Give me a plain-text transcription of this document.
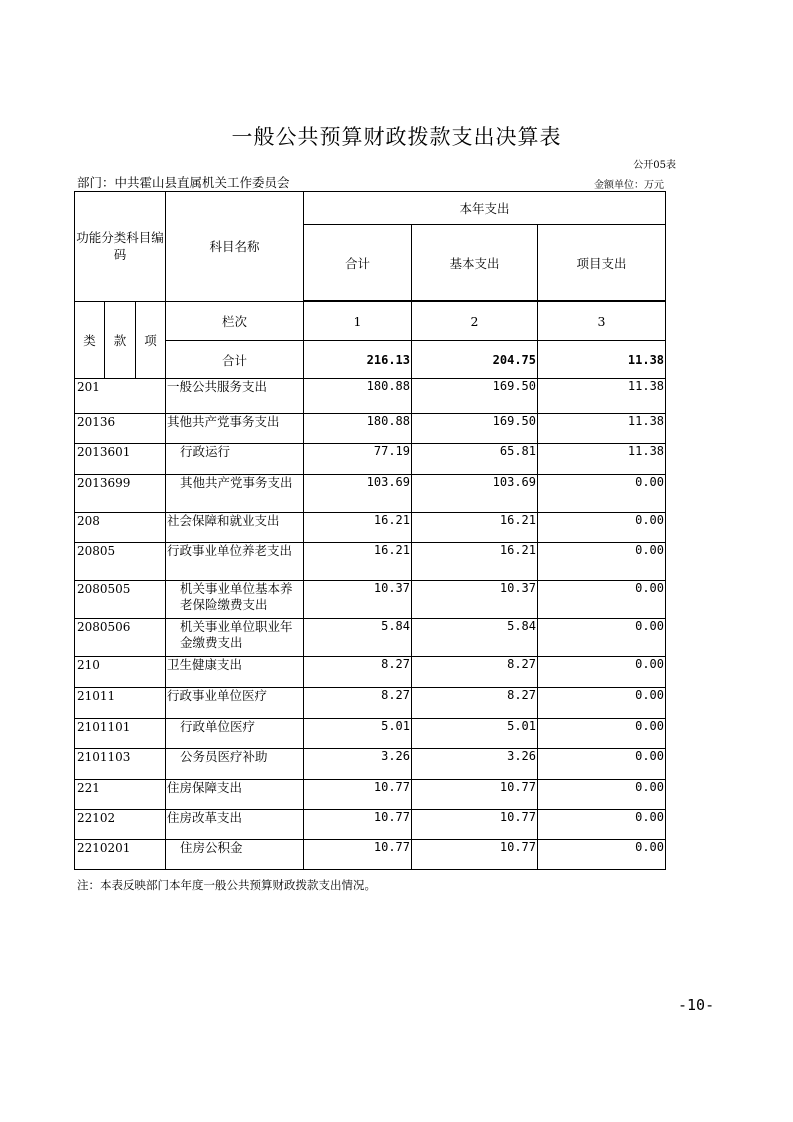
一般公共预算财政拨款支出决算表
公开05表
部门：中共霍山县直属机关工作委员会	金额单位：万元
功能分类科目编码			科目名称	本年支出		
				合计	基本支出	项目支出

类	款	项	栏次	1	2	3
			合计	216.13	204.75	11.38
201			一般公共服务支出	180.88	169.50	11.38
20136			其他共产党事务支出	180.88	169.50	11.38
2013601			行政运行	77.19	65.81	11.38
2013699			其他共产党事务支出	103.69	103.69	0.00
208			社会保障和就业支出	16.21	16.21	0.00
20805			行政事业单位养老支出	16.21	16.21	0.00
2080505			机关事业单位基本养老保险缴费支出	10.37	10.37	0.00
2080506			机关事业单位职业年金缴费支出	5.84	5.84	0.00
210			卫生健康支出	8.27	8.27	0.00
21011			行政事业单位医疗	8.27	8.27	0.00
2101101			行政单位医疗	5.01	5.01	0.00
2101103			公务员医疗补助	3.26	3.26	0.00
221			住房保障支出	10.77	10.77	0.00
22102			住房改革支出	10.77	10.77	0.00
2210201			住房公积金	10.77	10.77	0.00
注：本表反映部门本年度一般公共预算财政拨款支出情况。
-10-
